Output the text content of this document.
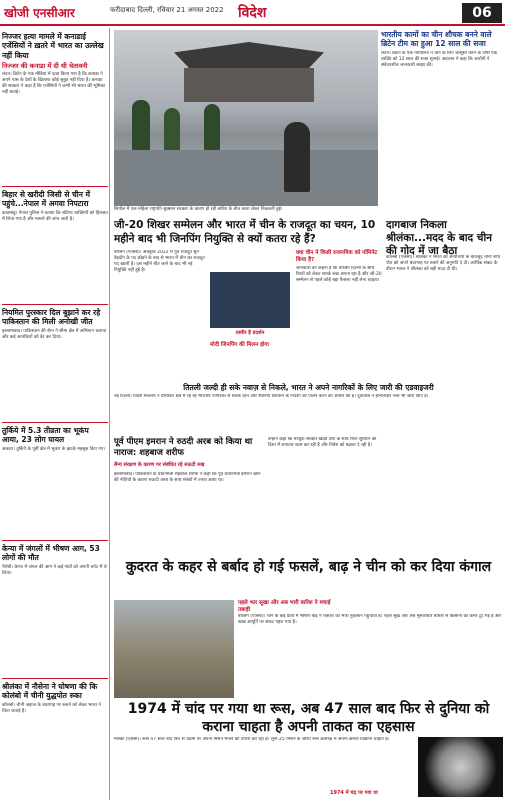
खोजी एनसीआर	फरीदाबाद दिल्ली, रविवार 21 अगस्त 2022 विदेश	06
निज्जर हत्या मामले में कनाडाई एजेंसियों ने ख़तरे में भारत का उल्लेख नहीं किया
निज्जर की कनाडा में दी थी चेतावनी
लंदन। ब्रिटेन के एक मीडिया में दावा किया गया है कि कनाडा ने अपने पास के देशों के खिलाफ कोई सुबूत नहीं दिया है। कनाडा की सरकार ने कहा है कि एजेंसियों ने कभी भी भारत की भूमिका नहीं बताई।
बिहार से खरीदी जिसी से चीन में पहुंचे...नेपाल में अगवा निपटारा
काठमांडू। नेपाल पुलिस ने बताया कि संदिग्ध व्यक्तियों को हिरासत में लिया गया है और मामले की जांच जारी है।
नियमित पुरस्कार दिल बुझाने कर रहे पाकिस्तान की मिली अनोखी जीत
इस्लामाबाद। पाकिस्तान की सेना ने सीमा क्षेत्र में अभियान चलाया और कई आतंकियों को ढेर कर दिया।
तुर्किये में 5.3 तीव्रता का भूकंप आया, 23 लोग घायल
अंकारा। तुर्किये के पूर्वी क्षेत्र में भूकंप के झटके महसूस किए गए।
केन्या में जंगलों में भीषण आग, 53 लोगों की मौत
नैरोबी। केन्या में जंगल की आग ने कई गांवों को अपनी चपेट में ले लिया।
श्रीलंका में नौसेना ने घोषणा की कि कोलंबो में चीनी युद्धपोत रुका
कोलंबो। चीनी जहाज के बंदरगाह पर रुकने को लेकर भारत ने चिंता जताई है।
सियोल में एक महिला राष्ट्रपति सुक्सान सरकार के कारण हो रही बारिश के बीच छाता लेकर निकलती हुई।
भारतीय कामों का चीन शौचक बनने वाले ब्रिटेन टीम का हुआ 12 साल की सजा
लंदन। ब्रिटेन के एक न्यायालय ने चीन के लिए जासूसी करने के दोषी एक व्यक्ति को 12 साल की सजा सुनाई। अदालत ने कहा कि आरोपी ने संवेदनशील जानकारी साझा की।
जी-20 शिखर सम्मेलन और भारत में चीन के राजदूत का चयन, 10 महीने बाद भी जिनपिंग नियुक्ति से क्यों कतरा रहे हैं?
बीजिंग (एजेंसी)। अक्तूबर 2022 में पूर्व राजदूत सुन वेइदोंग के पद छोड़ने के बाद से भारत में चीन का राजदूत पद खाली है। दस महीने बीत जाने के बाद भी नई नियुक्ति नहीं हुई है।
तस्वीर है प्रदर्शन
क्या चीन ने किसी राजनयिक को नॉमिनेट किया है?
जानकारों का कहना है कि बीजिंग दिल्ली के साथ रिश्तों को लेकर सतर्क रुख अपना रहा है और जी-20 सम्मेलन से पहले कोई बड़ा फैसला नहीं लेना चाहता।
मोदी जिनपिंग की मिलन होगा
दागबाज निकला श्रीलंका...मदद के बाद चीन की गोद में जा बैठा
कोलंबो (एजेंसी)। श्रीलंका ने भारत की आपत्तियों के बावजूद चीनी शोध पोत को अपने बंदरगाह पर रुकने की अनुमति दे दी। आर्थिक संकट के दौरान भारत ने श्रीलंका को बड़ी मदद दी थी।
तितली जल्दी ही सके नवाज़ से निकले, भारत ने अपने नागरिकों के लिए जारी की एडवाइजरी
नई दिल्ली। विदेश मंत्रालय ने प्रभावित क्षेत्र में रह रहे भारतीय नागरिकों से सतर्क रहने और स्थानीय प्रशासन के निर्देशों का पालन करने की अपील की है। दूतावास ने हेल्पलाइन नंबर भी जारी किए हैं।
पूर्व पीएम इमरान ने रुठदी अरब को किया था नाराज: शहबाज शरीफ
सैन्य संरक्षण के कारण पर संबंधित रहे सऊदी रुख
इस्लामाबाद। पाकिस्तान के प्रधानमंत्री शहबाज शरीफ ने कहा कि पूर्व प्रधानमंत्री इमरान खान की नीतियों के कारण सऊदी अरब के साथ संबंधों में तनाव आया था।
उन्होंने कहा कि मौजूदा सरकार खाड़ी देशों के साथ रिश्ते सुधारने की दिशा में लगातार काम कर रही है और निवेश को बढ़ावा दे रही है।
कुदरत के कहर से बर्बाद हो गई फसलें, बाढ़ ने चीन को कर दिया कंगाल
पहले भार सूखा और अब भारी बारिश ने मचाई तबाही
बीजिंग (एजेंसी)। चीन के कई प्रांतों में भीषण बाढ़ ने फसलों को भारी नुकसान पहुंचाया है। पहले सूखे और अब मूसलाधार बारिश से किसानों की कमर टूट गई है और खाद्य आपूर्ति पर संकट गहरा गया है।
1974 में चांद पर गया था रूस, अब 47 साल बाद फिर से दुनिया को कराना चाहता है अपनी ताकत का एहसास
मॉस्को (एजेंसी)। रूस 47 साल बाद फिर से चंद्रमा पर अपना मिशन भेजने की तैयारी कर रहा है। लूना-25 मिशन के जरिए रूस अंतरिक्ष में अपनी क्षमता दिखाना चाहता है।
1974 में चंद्र पर गया था
